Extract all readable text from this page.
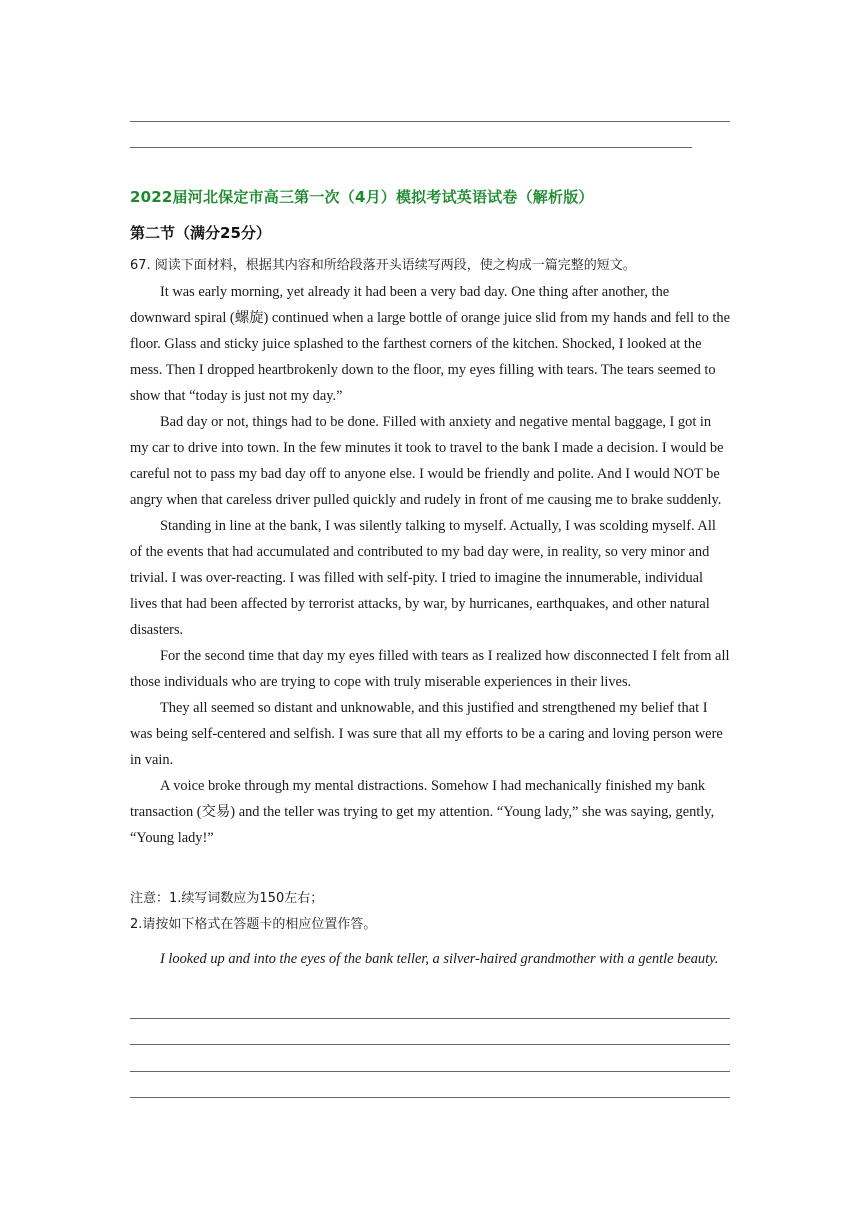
2022届河北保定市高三第一次（4月）模拟考试英语试卷（解析版）
第二节（满分25分）
67. 阅读下面材料，根据其内容和所给段落开头语续写两段，使之构成一篇完整的短文。

It was early morning, yet already it had been a very bad day. One thing after another, the downward spiral (螺旋) continued when a large bottle of orange juice slid from my hands and fell to the floor. Glass and sticky juice splashed to the farthest corners of the kitchen. Shocked, I looked at the mess. Then I dropped heartbrokenly down to the floor, my eyes filling with tears. The tears seemed to show that “today is just not my day.”

Bad day or not, things had to be done. Filled with anxiety and negative mental baggage, I got in my car to drive into town. In the few minutes it took to travel to the bank I made a decision. I would be careful not to pass my bad day off to anyone else. I would be friendly and polite. And I would NOT be angry when that careless driver pulled quickly and rudely in front of me causing me to brake suddenly.

Standing in line at the bank, I was silently talking to myself. Actually, I was scolding myself. All of the events that had accumulated and contributed to my bad day were, in reality, so very minor and trivial. I was over-reacting. I was filled with self-pity. I tried to imagine the innumerable, individual lives that had been affected by terrorist attacks, by war, by hurricanes, earthquakes, and other natural disasters.

For the second time that day my eyes filled with tears as I realized how disconnected I felt from all those individuals who are trying to cope with truly miserable experiences in their lives.

They all seemed so distant and unknowable, and this justified and strengthened my belief that I was being self-centered and selfish. I was sure that all my efforts to be a caring and loving person were in vain.

A voice broke through my mental distractions. Somehow I had mechanically finished my bank transaction (交易) and the teller was trying to get my attention. “Young lady,” she was saying, gently, “Young lady!”

注意：1.续写词数应为150左右；

2.请按如下格式在答题卡的相应位置作答。

I looked up and into the eyes of the bank teller, a silver-haired grandmother with a gentle beauty.
